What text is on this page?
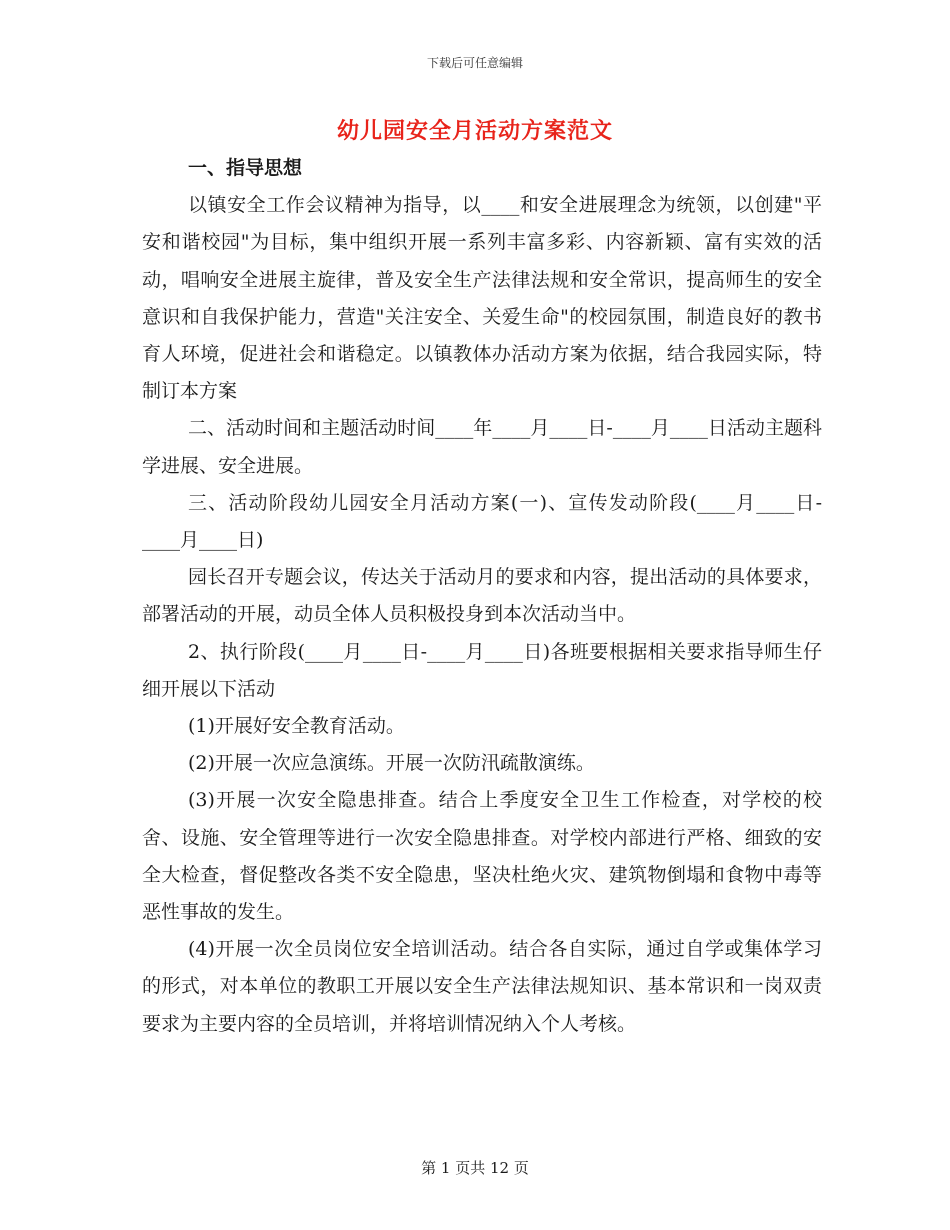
下载后可任意编辑
幼儿园安全月活动方案范文

一、指导思想

以镇安全工作会议精神为指导，以____和安全进展理念为统领，以创建"平安和谐校园"为目标，集中组织开展一系列丰富多彩、内容新颖、富有实效的活动，唱响安全进展主旋律，普及安全生产法律法规和安全常识，提高师生的安全意识和自我保护能力，营造"关注安全、关爱生命"的校园氛围，制造良好的教书育人环境，促进社会和谐稳定。以镇教体办活动方案为依据，结合我园实际，特制订本方案

二、活动时间和主题活动时间____年____月____日-____月____日活动主题科学进展、安全进展。

三、活动阶段幼儿园安全月活动方案(一)、宣传发动阶段(____月____日-____月____日)

园长召开专题会议，传达关于活动月的要求和内容，提出活动的具体要求，部署活动的开展，动员全体人员积极投身到本次活动当中。

2、执行阶段(____月____日-____月____日)各班要根据相关要求指导师生仔细开展以下活动

(1)开展好安全教育活动。

(2)开展一次应急演练。开展一次防汛疏散演练。

(3)开展一次安全隐患排查。结合上季度安全卫生工作检查，对学校的校舍、设施、安全管理等进行一次安全隐患排查。对学校内部进行严格、细致的安全大检查，督促整改各类不安全隐患，坚决杜绝火灾、建筑物倒塌和食物中毒等恶性事故的发生。

(4)开展一次全员岗位安全培训活动。结合各自实际，通过自学或集体学习的形式，对本单位的教职工开展以安全生产法律法规知识、基本常识和一岗双责要求为主要内容的全员培训，并将培训情况纳入个人考核。

第 1 页共 12 页
